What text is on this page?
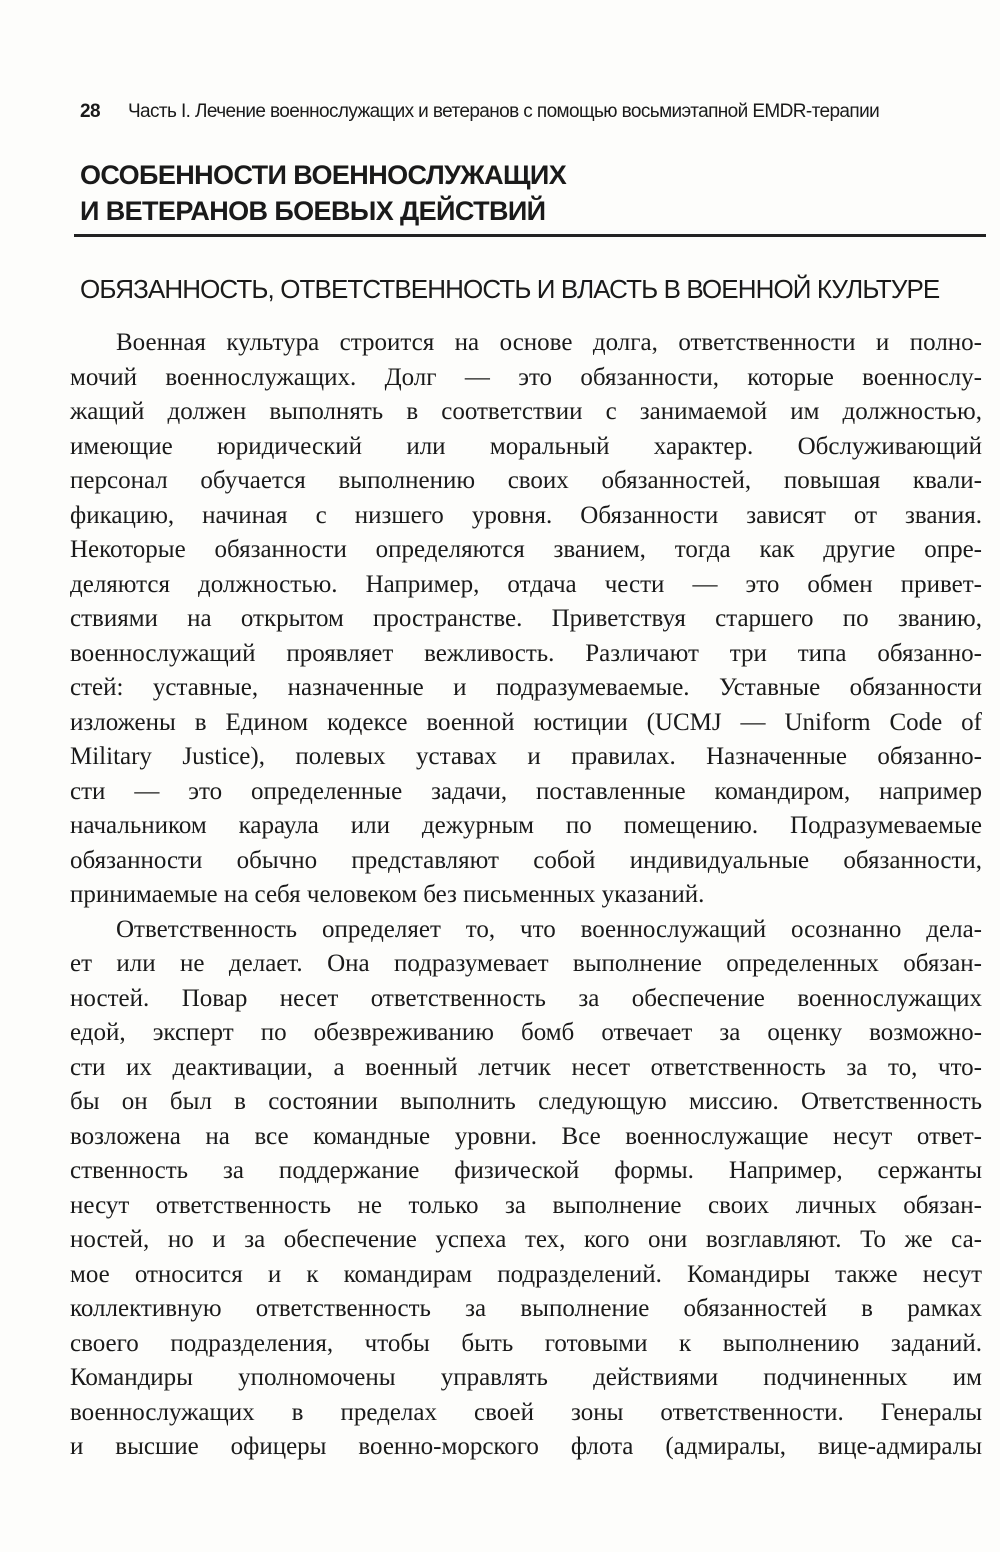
28 Часть I. Лечение военнослужащих и ветеранов с помощью восьмиэтапной EMDR-терапии
ОСОБЕННОСТИ ВОЕННОСЛУЖАЩИХ
И ВЕТЕРАНОВ БОЕВЫХ ДЕЙСТВИЙ
ОБЯЗАННОСТЬ, ОТВЕТСТВЕННОСТЬ И ВЛАСТЬ В ВОЕННОЙ КУЛЬТУРЕ
Военная культура строится на основе долга, ответственности и полно-
мочий военнослужащих. Долг — это обязанности, которые военнослу-
жащий должен выполнять в соответствии с занимаемой им должностью,
имеющие юридический или моральный характер. Обслуживающий
персонал обучается выполнению своих обязанностей, повышая квали-
фикацию, начиная с низшего уровня. Обязанности зависят от звания.
Некоторые обязанности определяются званием, тогда как другие опре-
деляются должностью. Например, отдача чести — это обмен привет-
ствиями на открытом пространстве. Приветствуя старшего по званию,
военнослужащий проявляет вежливость. Различают три типа обязанно-
стей: уставные, назначенные и подразумеваемые. Уставные обязанности
изложены в Едином кодексе военной юстиции (UCMJ — Uniform Code of
Military Justice), полевых уставах и правилах. Назначенные обязанно-
сти — это определенные задачи, поставленные командиром, например
начальником караула или дежурным по помещению. Подразумеваемые
обязанности обычно представляют собой индивидуальные обязанности,
принимаемые на себя человеком без письменных указаний.
Ответственность определяет то, что военнослужащий осознанно дела-
ет или не делает. Она подразумевает выполнение определенных обязан-
ностей. Повар несет ответственность за обеспечение военнослужащих
едой, эксперт по обезвреживанию бомб отвечает за оценку возможно-
сти их деактивации, а военный летчик несет ответственность за то, что-
бы он был в состоянии выполнить следующую миссию. Ответственность
возложена на все командные уровни. Все военнослужащие несут ответ-
ственность за поддержание физической формы. Например, сержанты
несут ответственность не только за выполнение своих личных обязан-
ностей, но и за обеспечение успеха тех, кого они возглавляют. То же са-
мое относится и к командирам подразделений. Командиры также несут
коллективную ответственность за выполнение обязанностей в рамках
своего подразделения, чтобы быть готовыми к выполнению заданий.
Командиры уполномочены управлять действиями подчиненных им
военнослужащих в пределах своей зоны ответственности. Генералы
и высшие офицеры военно-морского флота (адмиралы, вице-адмиралы
